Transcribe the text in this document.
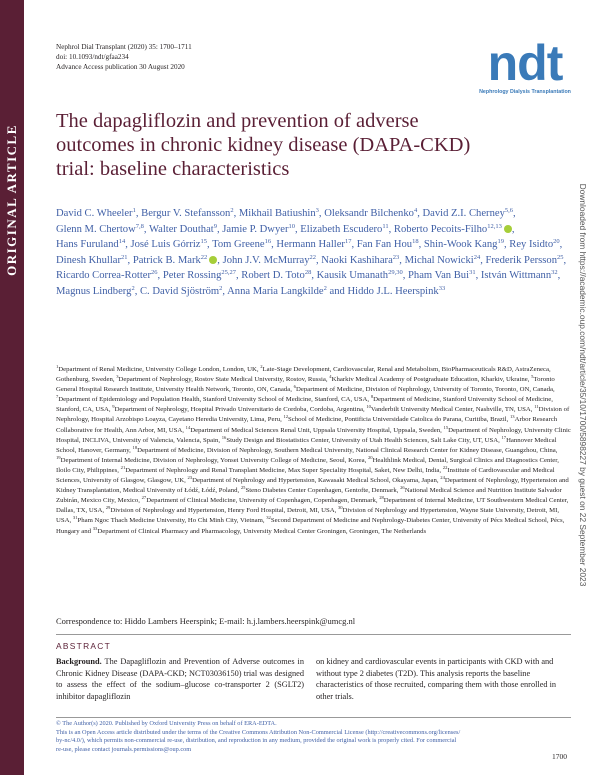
ORIGINAL ARTICLE
Nephrol Dial Transplant (2020) 35: 1700–1711
doi: 10.1093/ndt/gfaa234
Advance Access publication 30 August 2020	ndt
Nephrology Dialysis Transplantation
The dapagliflozin and prevention of adverse outcomes in chronic kidney disease (DAPA-CKD) trial: baseline characteristics
Downloaded from https://academic.oup.com/ndt/article/35/10/1700/5898227 by guest on 22 September 2023
David C. Wheeler$^1$, Bergur V. Stefansson$^2$, Mikhail Batiushin$^3$, Oleksandr Bilchenko$^4$, David Z.I. Cherney$^{5,6}$, Glenn M. Chertow$^{7,8}$, Walter Douthat$^9$, Jamie P. Dwyer$^{10}$, Elizabeth Escudero$^{11}$, Roberto Pecoits-Filho$^{12,13}$ , Hans Furuland$^{14}$, José Luis Górriz$^{15}$, Tom Greene$^{16}$, Hermann Haller$^{17}$, Fan Fan Hou$^{18}$, Shin-Wook Kang$^{19}$, Rey Isidto$^{20}$, Dinesh Khullar$^{21}$, Patrick B. Mark$^{22}$ , John J.V. McMurray$^{22}$, Naoki Kashihara$^{23}$, Michal Nowicki$^{24}$, Frederik Persson$^{25}$, Ricardo Correa-Rotter$^{26}$, Peter Rossing$^{25,27}$, Robert D. Toto$^{28}$, Kausik Umanath$^{29,30}$, Pham Van Bui$^{31}$, István Wittmann$^{32}$, Magnus Lindberg$^2$, C. David Sjöström$^2$, Anna Maria Langkilde$^2$ and Hiddo J.L. Heerspink$^{33}$
$^1$Department of Renal Medicine, University College London, London, UK, $^2$Late-Stage Development, Cardiovascular, Renal and Metabolism, BioPharmaceuticals R&D, AstraZeneca, Gothenburg, Sweden, $^3$Department of Nephrology, Rostov State Medical University, Rostov, Russia, $^4$Kharkiv Medical Academy of Postgraduate Education, Kharkiv, Ukraine, $^5$Toronto General Hospital Research Institute, University Health Network, Toronto, ON, Canada, $^6$Department of Medicine, Division of Nephrology, University of Toronto, Toronto, ON, Canada, $^7$Department of Epidemiology and Population Health, Stanford University School of Medicine, Stanford, CA, USA, $^8$Department of Medicine, Stanford University School of Medicine, Stanford, CA, USA, $^9$Department of Nephrology, Hospital Privado Universitario de Cordoba, Cordoba, Argentina, $^{10}$Vanderbilt University Medical Center, Nashville, TN, USA, $^{11}$Division of Nephrology, Hospital Arzobispo Loayza, Cayetano Heredia University, Lima, Peru, $^{12}$School of Medicine, Pontificia Universidade Catolica do Parana, Curitiba, Brazil, $^{13}$Arbor Research Collaborative for Health, Ann Arbor, MI, USA, $^{14}$Department of Medical Sciences Renal Unit, Uppsala University Hospital, Uppsala, Sweden, $^{15}$Department of Nephrology, University Clinic Hospital, INCLIVA, University of Valencia, Valencia, Spain, $^{16}$Study Design and Biostatistics Center, University of Utah Health Sciences, Salt Lake City, UT, USA, $^{17}$Hannover Medical School, Hanover, Germany, $^{18}$Department of Medicine, Division of Nephrology, Southern Medical University, National Clinical Research Center for Kidney Disease, Guangzhou, China, $^{19}$Department of Internal Medicine, Division of Nephrology, Yonsei University College of Medicine, Seoul, Korea, $^{20}$Healthlink Medical, Dental, Surgical Clinics and Diagnostics Center, Iloilo City, Philippines, $^{21}$Department of Nephrology and Renal Transplant Medicine, Max Super Speciality Hospital, Saket, New Delhi, India, $^{22}$Institute of Cardiovascular and Medical Sciences, University of Glasgow, Glasgow, UK, $^{23}$Department of Nephrology and Hypertension, Kawasaki Medical School, Okayama, Japan, $^{24}$Department of Nephrology, Hypertension and Kidney Transplantation, Medical University of Łódź, Łódź, Poland, $^{25}$Steno Diabetes Center Copenhagen, Gentofte, Denmark, $^{26}$National Medical Science and Nutrition Institute Salvador Zubirán, Mexico City, Mexico, $^{27}$Department of Clinical Medicine, University of Copenhagen, Copenhagen, Denmark, $^{28}$Department of Internal Medicine, UT Southwestern Medical Center, Dallas, TX, USA, $^{29}$Division of Nephrology and Hypertension, Henry Ford Hospital, Detroit, MI, USA, $^{30}$Division of Nephrology and Hypertension, Wayne State University, Detroit, MI, USA, $^{31}$Pham Ngoc Thach Medicine University, Ho Chi Minh City, Vietnam, $^{32}$Second Department of Medicine and Nephrology-Diabetes Center, University of Pécs Medical School, Pécs, Hungary and $^{33}$Department of Clinical Pharmacy and Pharmacology, University Medical Center Groningen, Groningen, The Netherlands
Correspondence to: Hiddo Lambers Heerspink; E-mail: h.j.lambers.heerspink@umcg.nl
ABSTRACT
Background. The Dapagliflozin and Prevention of Adverse outcomes in Chronic Kidney Disease (DAPA-CKD; NCT03036150) trial was designed to assess the effect of the sodium–glucose co-transporter 2 (SGLT2) inhibitor dapagliflozin
on kidney and cardiovascular events in participants with CKD with and without type 2 diabetes (T2D). This analysis reports the baseline characteristics of those recruited, comparing them with those enrolled in other trials.
© The Author(s) 2020. Published by Oxford University Press on behalf of ERA-EDTA.
This is an Open Access article distributed under the terms of the Creative Commons Attribution Non-Commercial License (http://creativecommons.org/licenses/
by-nc/4.0/), which permits non-commercial re-use, distribution, and reproduction in any medium, provided the original work is properly cited. For commercial
re-use, please contact journals.permissions@oup.com
1700
